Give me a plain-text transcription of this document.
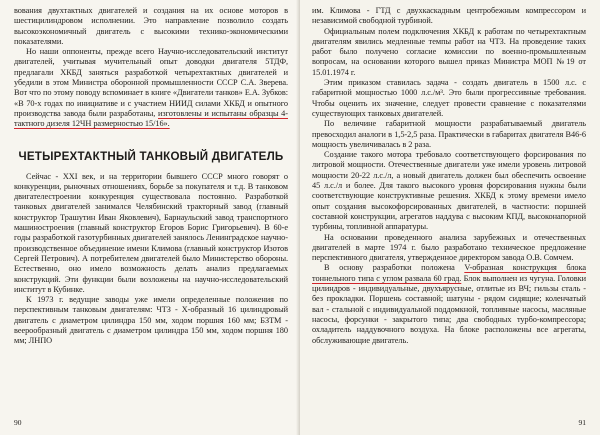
вования двухтактных двигателей и создания на их основе моторов в шестицилиндровом исполнении. Это направление позволило создать высокоэкономичный двигатель с высокими технико-экономическими показателями.

Но наши оппоненты, прежде всего Научно-исследовательский институт двигателей, учитывая мучительный опыт доводки двигателя 5ТДФ, предлагали ХКБД заняться разработкой четырехтактных двигателей и убедили в этом Министра оборонной промышленности СССР С.А. Зверева. Вот что по этому поводу вспоминает в книге «Двигатели танков» Е.А. Зубков: «В 70-х годах по инициативе и с участием НИИД силами ХКБД и опытного производства завода были разработаны, изготовлены и испытаны образцы 4-тактного дизеля 12ЧН размерностью 15/16».

ЧЕТЫРЕХТАКТНЫЙ ТАНКОВЫЙ ДВИГАТЕЛЬ

Сейчас - XXI век, и на территории бывшего СССР много говорят о конкуренции, рыночных отношениях, борьбе за покупателя и т.д. В танковом двигателестроении конкуренция существовала постоянно. Разработкой танковых двигателей занимался Челябинский тракторный завод (главный конструктор Трашутин Иван Яковлевич), Барнаульский завод транспортного машиностроения (главный конструктор Егоров Борис Григорьевич). В 60-е годы разработкой газотурбинных двигателей занялось Ленинградское научно-производственное объединение имени Климова (главный конструктор Изотов Сергей Петрович). А потребителем двигателей было Министерство обороны. Естественно, оно имело возможность делать анализ предлагаемых конструкций. Эти функции были возложены на научно-исследовательский институт в Кубинке.

К 1973 г. ведущие заводы уже имели определенные положения по перспективным танковым двигателям: ЧТЗ - Х-образный 16 цилиндровый двигатель с диаметром цилиндра 150 мм, ходом поршня 160 мм; БЗТМ - веерообразный двигатель с диаметром цилиндра 150 мм, ходом поршня 180 мм; ЛНПО

90

им. Климова - ГТД с двухкаскадным центробежным компрессором и независимой свободной турбиной.

Официальным полем подключения ХКБД к работам по четырехтактным двигателям явились медленные темпы работ на ЧТЗ. На проведение таких работ было получено согласие комиссии по военно-промышленным вопросам, на основании которого вышел приказ Министра МОП №19 от 15.01.1974 г.

Этим приказом ставилась задача - создать двигатель в 1500 л.с. с габаритной мощностью 1000 л.с./м³. Это были прогрессивные требования. Чтобы оценить их значение, следует провести сравнение с показателями существующих танковых двигателей.

По величине габаритной мощности разрабатываемый двигатель превосходил аналоги в 1,5-2,5 раза. Практически в габаритах двигателя В46-6 мощность увеличивалась в 2 раза.

Создание такого мотора требовало соответствующего форсирования по литровой мощности. Отечественные двигатели уже имели уровень литровой мощности 20-22 л.с./л, а новый двигатель должен был обеспечить освоение 45 л.с./л и более. Для такого высокого уровня форсирования нужны были соответствующие конструктивные решения. ХКБД к этому времени имело опыт создания высокофорсированных двигателей, в частности: поршней составной конструкции, агрегатов наддува с высоким КПД, высоконапорной турбины, топливной аппаратуры.

На основании проведенного анализа зарубежных и отечественных двигателей в марте 1974 г. было разработано техническое предложение перспективного двигателя, утвержденное директором завода О.В. Сомчем.

В основу разработки положена V-образная конструкция блока тоннельного типа с углом развала 60 град. Блок выполнен из чугуна. Головки цилиндров - индивидуальные, двухъярусные, отлитые из ВЧ; гильзы сталь - без прокладки. Поршень составной; шатуны - рядом сидящие; коленчатый вал - стальной с индивидуальной поддомкной, топливные насосы, масляные насосы, форсунки - закрытого типа; два свободных турбо-компрессора; охладитель наддувочного воздуха. На блоке расположены все агрегаты, обслуживающие двигатель.

91
